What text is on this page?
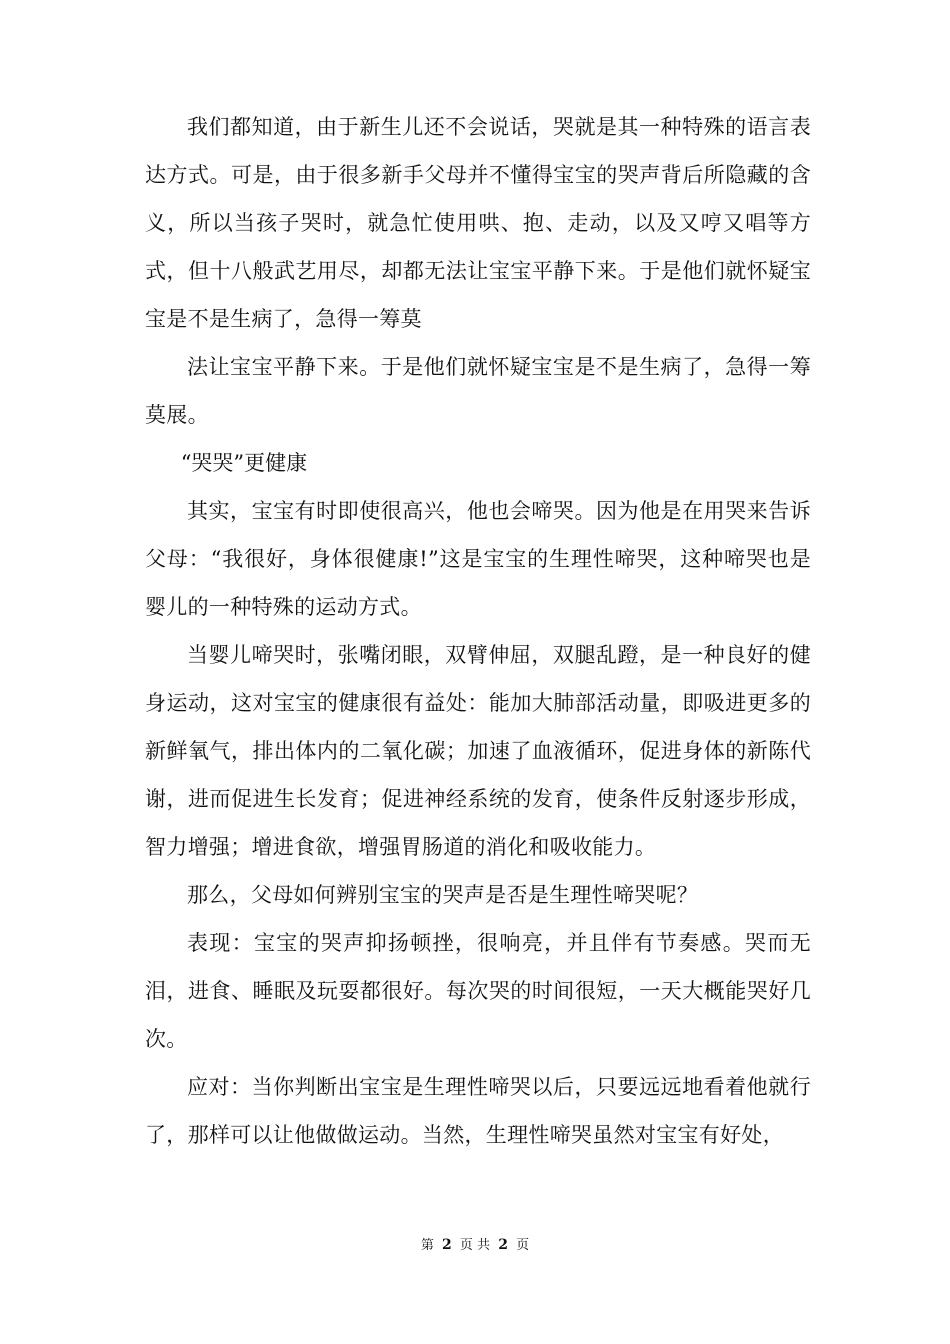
我们都知道，由于新生儿还不会说话，哭就是其一种特殊的语言表达方式。可是，由于很多新手父母并不懂得宝宝的哭声背后所隐藏的含义，所以当孩子哭时，就急忙使用哄、抱、走动，以及又哼又唱等方式，但十八般武艺用尽，却都无法让宝宝平静下来。于是他们就怀疑宝宝是不是生病了，急得一筹莫

法让宝宝平静下来。于是他们就怀疑宝宝是不是生病了，急得一筹莫展。

“哭哭”更健康

其实，宝宝有时即使很高兴，他也会啼哭。因为他是在用哭来告诉父母：“我很好，身体很健康!”这是宝宝的生理性啼哭，这种啼哭也是婴儿的一种特殊的运动方式。

当婴儿啼哭时，张嘴闭眼，双臂伸屈，双腿乱蹬，是一种良好的健身运动，这对宝宝的健康很有益处：能加大肺部活动量，即吸进更多的新鲜氧气，排出体内的二氧化碳；加速了血液循环，促进身体的新陈代谢，进而促进生长发育；促进神经系统的发育，使条件反射逐步形成，智力增强；增进食欲，增强胃肠道的消化和吸收能力。

那么，父母如何辨别宝宝的哭声是否是生理性啼哭呢？

表现：宝宝的哭声抑扬顿挫，很响亮，并且伴有节奏感。哭而无泪，进食、睡眠及玩耍都很好。每次哭的时间很短，一天大概能哭好几次。

应对：当你判断出宝宝是生理性啼哭以后，只要远远地看着他就行了，那样可以让他做做运动。当然，生理性啼哭虽然对宝宝有好处，

第 2 页 共 2 页
